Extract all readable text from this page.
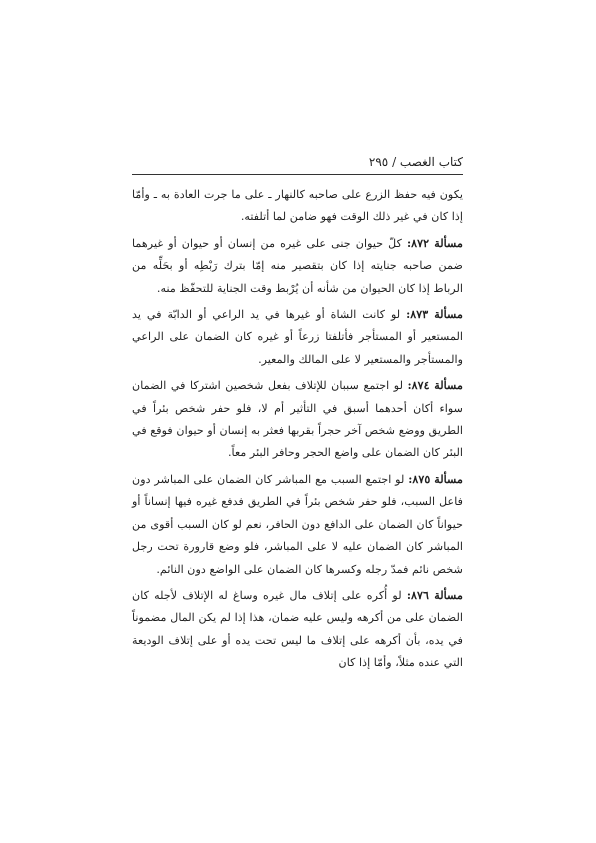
كتاب الغصب / ٢٩٥

يكون فيه حفظ الزرع على صاحبه كالنهار ـ على ما جرت العادة به ـ وأمّا إذا كان في غير ذلك الوقت فهو ضامن لما أتلفته.

مسألة ٨٧٢: كلّ حيوان جنى على غيره من إنسان أو حيوان أو غيرهما ضمن صاحبه جنايته إذا كان بتقصير منه إمّا بترك رَبْطِه أو بحَلِّه من الرباط إذا كان الحيوان من شأنه أن يُرْبط وقت الجناية للتحفّظ منه.

مسألة ٨٧٣: لو كانت الشاة أو غيرها في يد الراعي أو الدابّة في يد المستعير أو المستأجر فأتلفتا زرعاً أو غيره كان الضمان على الراعي والمستأجر والمستعير لا على المالك والمعير.

مسألة ٨٧٤: لو اجتمع سببان للإتلاف بفعل شخصين اشتركا في الضمان سواء أكان أحدهما أسبق في التأثير أم لا، فلو حفر شخص بئراً في الطريق ووضع شخص آخر حجراً بقربها فعثر به إنسان أو حيوان فوقع في البئر كان الضمان على واضع الحجر وحافر البئر معاً.

مسألة ٨٧٥: لو اجتمع السبب مع المباشر كان الضمان على المباشر دون فاعل السبب، فلو حفر شخص بئراً في الطريق فدفع غيره فيها إنساناً أو حيواناً كان الضمان على الدافع دون الحافر، نعم لو كان السبب أقوى من المباشر كان الضمان عليه لا على المباشر، فلو وضع قارورة تحت رجل شخص نائم فمدّ رجله وكسرها كان الضمان على الواضع دون النائم.

مسألة ٨٧٦: لو أُكره على إتلاف مال غيره وساغ له الإتلاف لأجله كان الضمان على من أكرهه وليس عليه ضمان، هذا إذا لم يكن المال مضموناً في يده، بأن أكرهه على إتلاف ما ليس تحت يده أو على إتلاف الوديعة التي عنده مثلاً، وأمّا إذا كان
